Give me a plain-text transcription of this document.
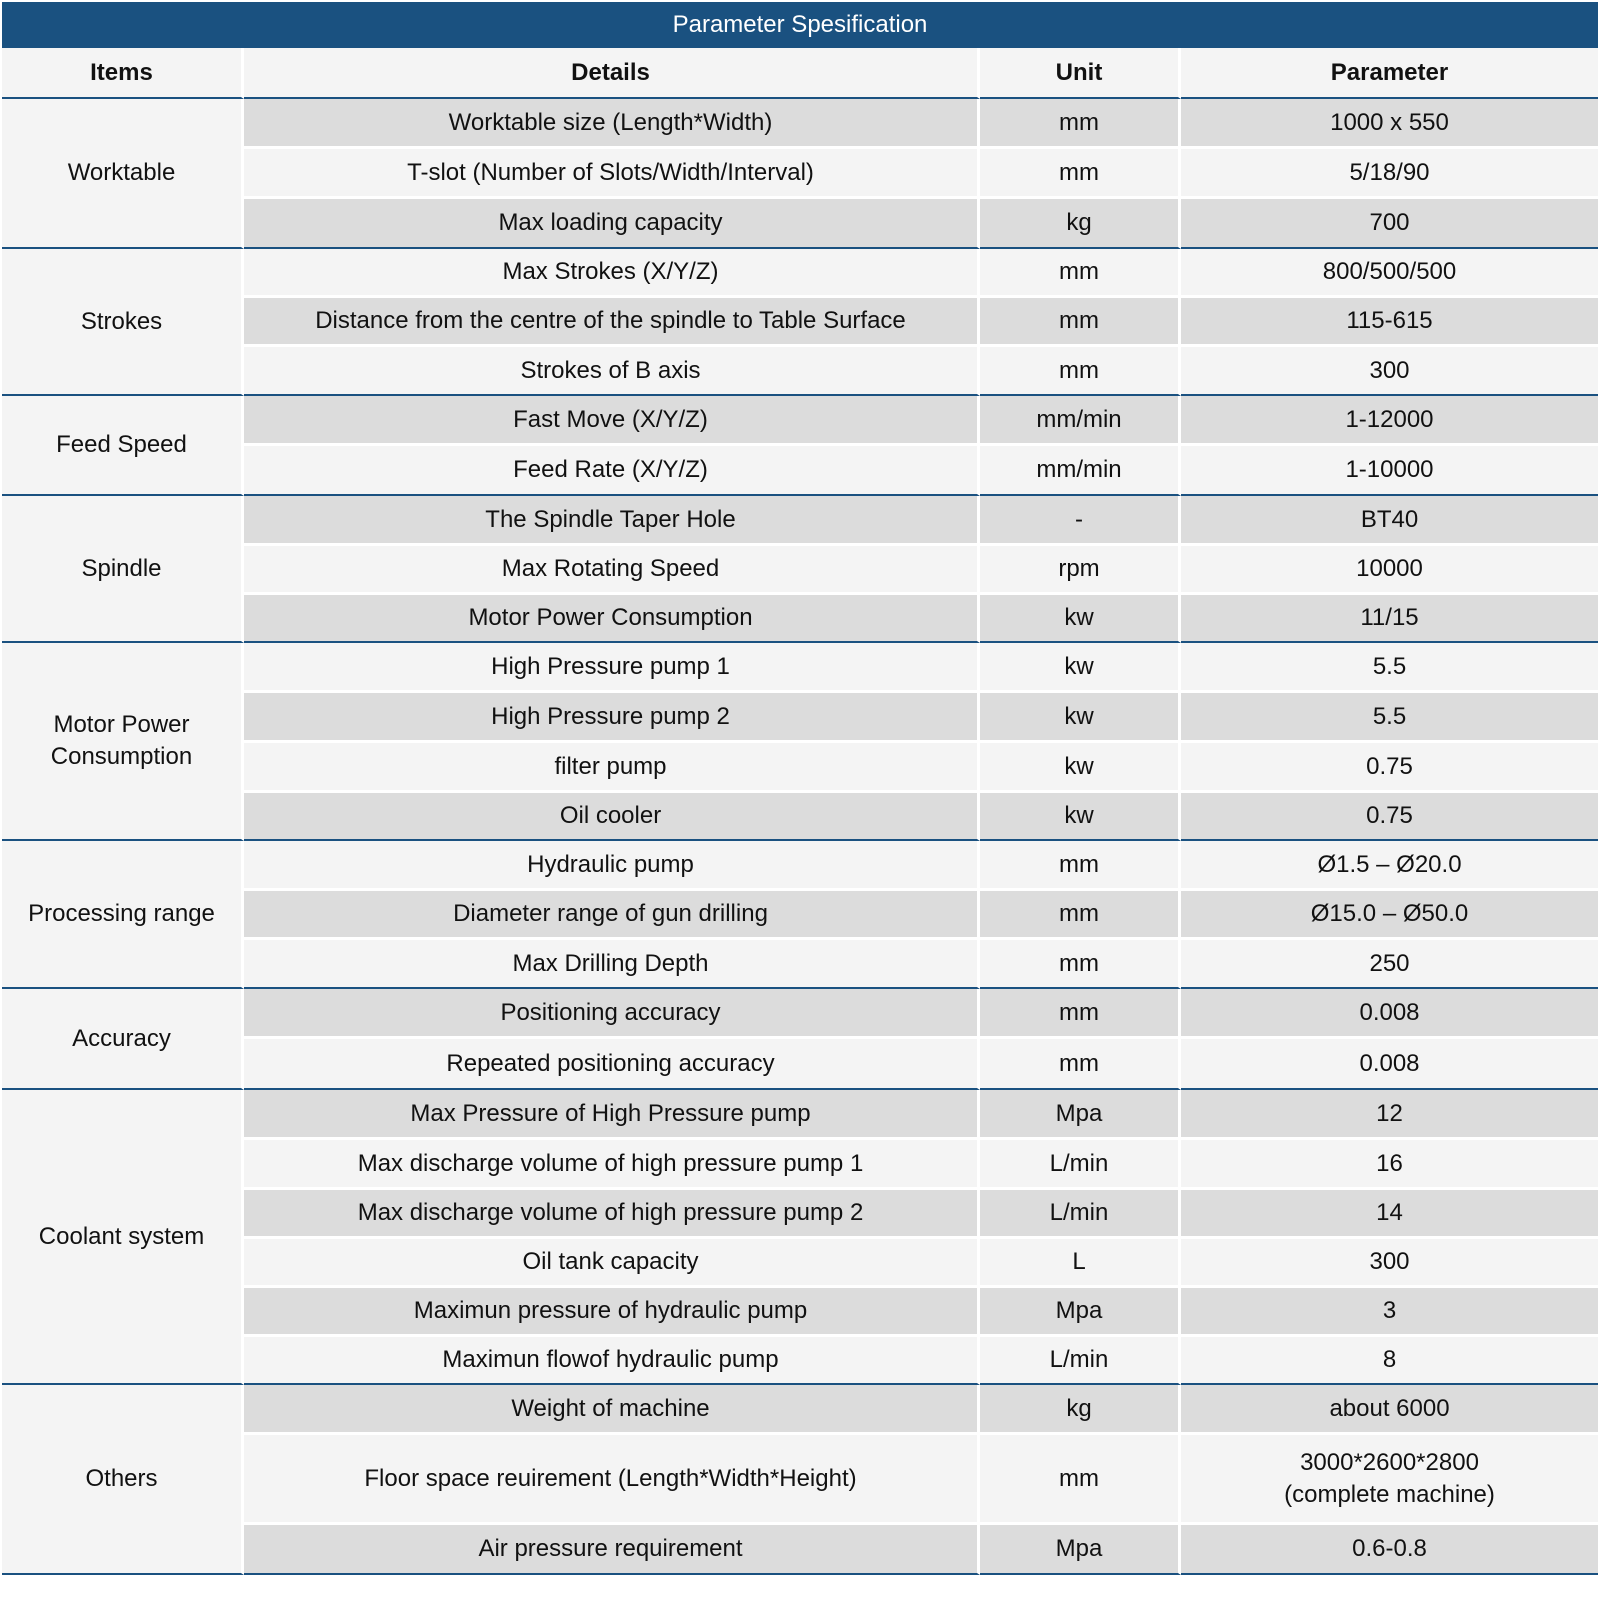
Parameter Spesification
Items	Details	Unit	Parameter
Worktable	Worktable size (Length*Width)	mm	1000 x 550
	T-slot (Number of Slots/Width/Interval)	mm	5/18/90
	Max loading capacity	kg	700
Strokes	Max Strokes (X/Y/Z)	mm	800/500/500
	Distance from the centre of the spindle to Table Surface	mm	115-615
	Strokes of B axis	mm	300
Feed Speed	Fast Move (X/Y/Z)	mm/min	1-12000
	Feed Rate (X/Y/Z)	mm/min	1-10000
Spindle	The Spindle Taper Hole	-	BT40
	Max Rotating Speed	rpm	10000
	Motor Power Consumption	kw	11/15
Motor Power Consumption	High Pressure pump 1	kw	5.5
	High Pressure pump 2	kw	5.5
	filter pump	kw	0.75
	Oil cooler	kw	0.75
Processing range	Hydraulic pump	mm	Ø1.5 – Ø20.0
	Diameter range of gun drilling	mm	Ø15.0 – Ø50.0
	Max Drilling Depth	mm	250
Accuracy	Positioning accuracy	mm	0.008
	Repeated positioning accuracy	mm	0.008
Coolant system	Max Pressure of High Pressure pump	Mpa	12
	Max discharge volume of high pressure pump 1	L/min	16
	Max discharge volume of high pressure pump 2	L/min	14
	Oil tank capacity	L	300
	Maximun pressure of hydraulic pump	Mpa	3
	Maximun flowof hydraulic pump	L/min	8
Others	Weight of machine	kg	about 6000
	Floor space reuirement (Length*Width*Height)	mm	3000*2600*2800
(complete machine)
	Air pressure requirement	Mpa	0.6-0.8
